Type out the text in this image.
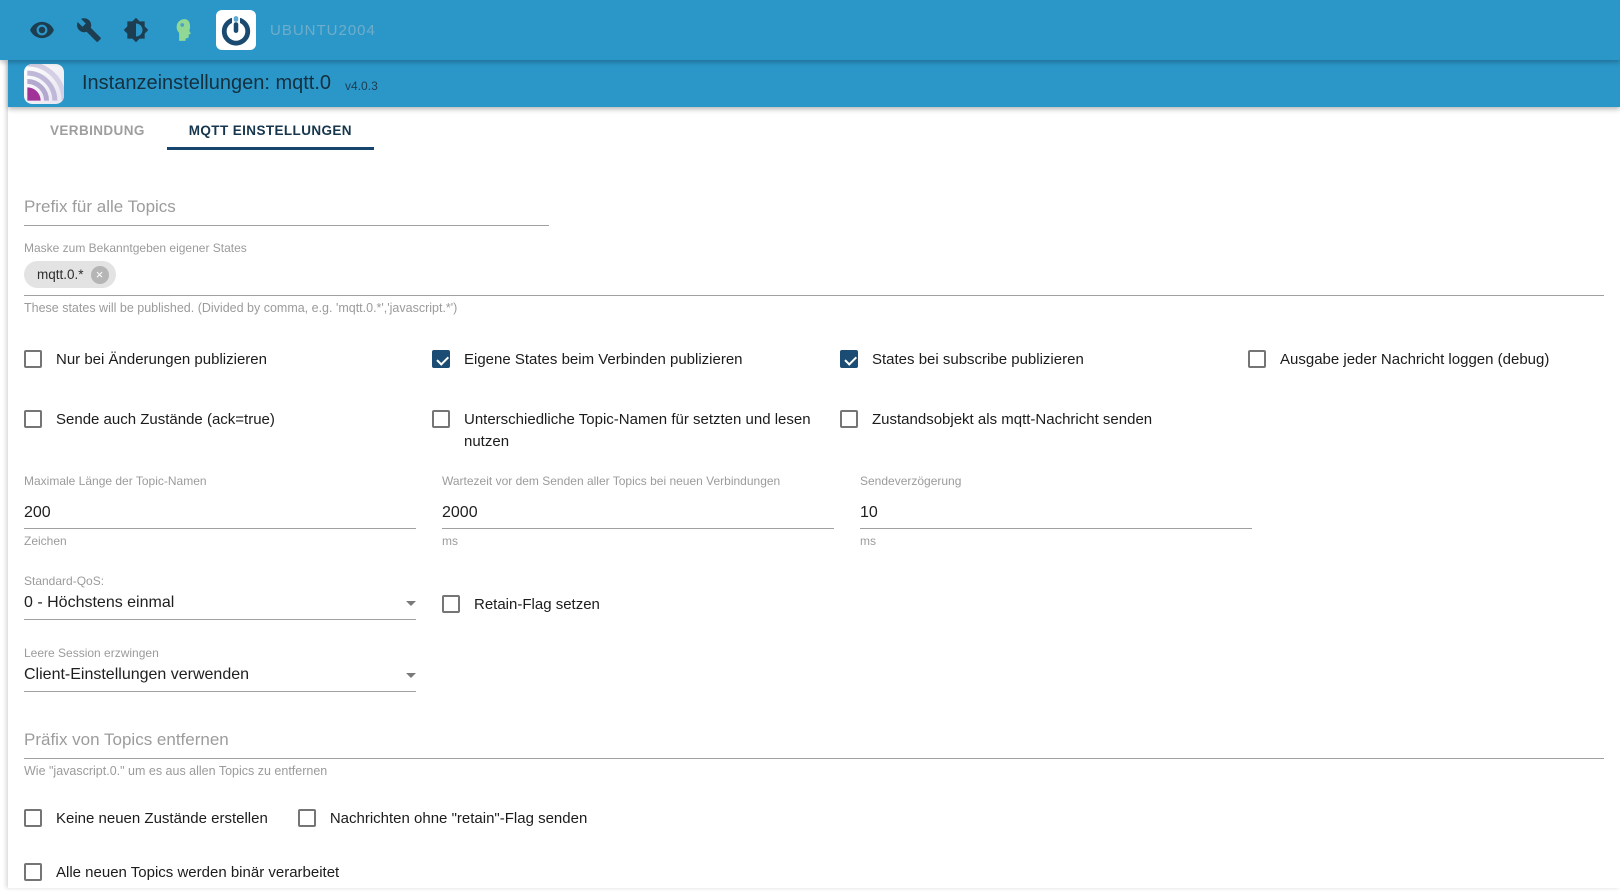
UBUNTU2004
Instanzeinstellungen: mqtt.0 v4.0.3
VERBINDUNG	MQTT EINSTELLUNGEN
Prefix für alle Topics
Maske zum Bekanntgeben eigener States
mqtt.0.* ×
These states will be published. (Divided by comma, e.g. 'mqtt.0.*','javascript.*')
Nur bei Änderungen publizieren	Eigene States beim Verbinden publizieren	States bei subscribe publizieren	Ausgabe jeder Nachricht loggen (debug)
Sende auch Zustände (ack=true)	Unterschiedliche Topic-Namen für setzten und lesen nutzen
Zustandsobjekt als mqtt-Nachricht senden
Maximale Länge der Topic-Namen
200
Zeichen
Wartezeit vor dem Senden aller Topics bei neuen Verbindungen
2000
ms
Sendeverzögerung
10
ms
Standard-QoS:
0 - Höchstens einmal	Retain-Flag setzen
Leere Session erzwingen
Client-Einstellungen verwenden
Präfix von Topics entfernen
Wie "javascript.0." um es aus allen Topics zu entfernen
Keine neuen Zustände erstellen	Nachrichten ohne "retain"-Flag senden
Alle neuen Topics werden binär verarbeitet
